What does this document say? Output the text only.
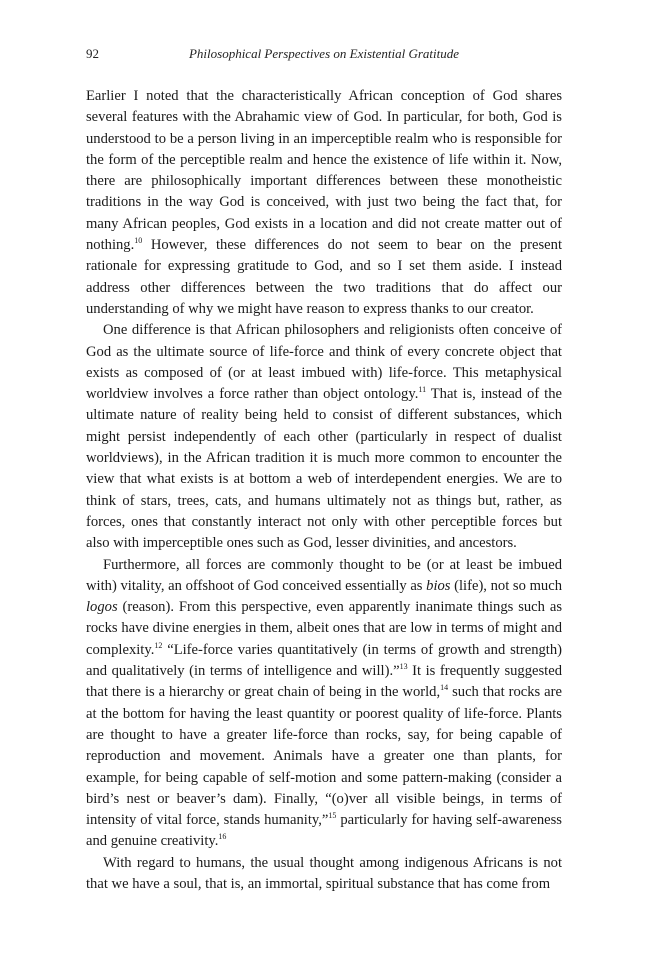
92	Philosophical Perspectives on Existential Gratitude

Earlier I noted that the characteristically African conception of God shares several features with the Abrahamic view of God. In particular, for both, God is understood to be a person living in an imperceptible realm who is responsible for the form of the perceptible realm and hence the existence of life within it. Now, there are philosophically important differences between these monotheistic traditions in the way God is conceived, with just two being the fact that, for many African peoples, God exists in a location and did not create matter out of nothing.$^{10}$ However, these differences do not seem to bear on the present rationale for expressing gratitude to God, and so I set them aside. I instead address other differences between the two traditions that do affect our understanding of why we might have reason to express thanks to our creator.

One difference is that African philosophers and religionists often conceive of God as the ultimate source of life-force and think of every concrete object that exists as composed of (or at least imbued with) life-force. This metaphysical worldview involves a force rather than object ontology.$^{11}$ That is, instead of the ultimate nature of reality being held to consist of different substances, which might persist independently of each other (particularly in respect of dualist worldviews), in the African tradition it is much more common to encounter the view that what exists is at bottom a web of interdependent energies. We are to think of stars, trees, cats, and humans ultimately not as things but, rather, as forces, ones that constantly interact not only with other perceptible forces but also with imperceptible ones such as God, lesser divinities, and ancestors.

Furthermore, all forces are commonly thought to be (or at least be imbued with) vitality, an offshoot of God conceived essentially as bios (life), not so much logos (reason). From this perspective, even apparently inanimate things such as rocks have divine energies in them, albeit ones that are low in terms of might and complexity.$^{12}$ “Life-force varies quantitatively (in terms of growth and strength) and qualitatively (in terms of intelligence and will).”$^{13}$ It is frequently suggested that there is a hierarchy or great chain of being in the world,$^{14}$ such that rocks are at the bottom for having the least quantity or poorest quality of life-force. Plants are thought to have a greater life-force than rocks, say, for being capable of reproduction and movement. Animals have a greater one than plants, for example, for being capable of self-motion and some pattern-making (consider a bird’s nest or beaver’s dam). Finally, “(o)ver all visible beings, in terms of intensity of vital force, stands humanity,”$^{15}$ particularly for having self-awareness and genuine creativity.$^{16}$

With regard to humans, the usual thought among indigenous Africans is not that we have a soul, that is, an immortal, spiritual substance that has come from
